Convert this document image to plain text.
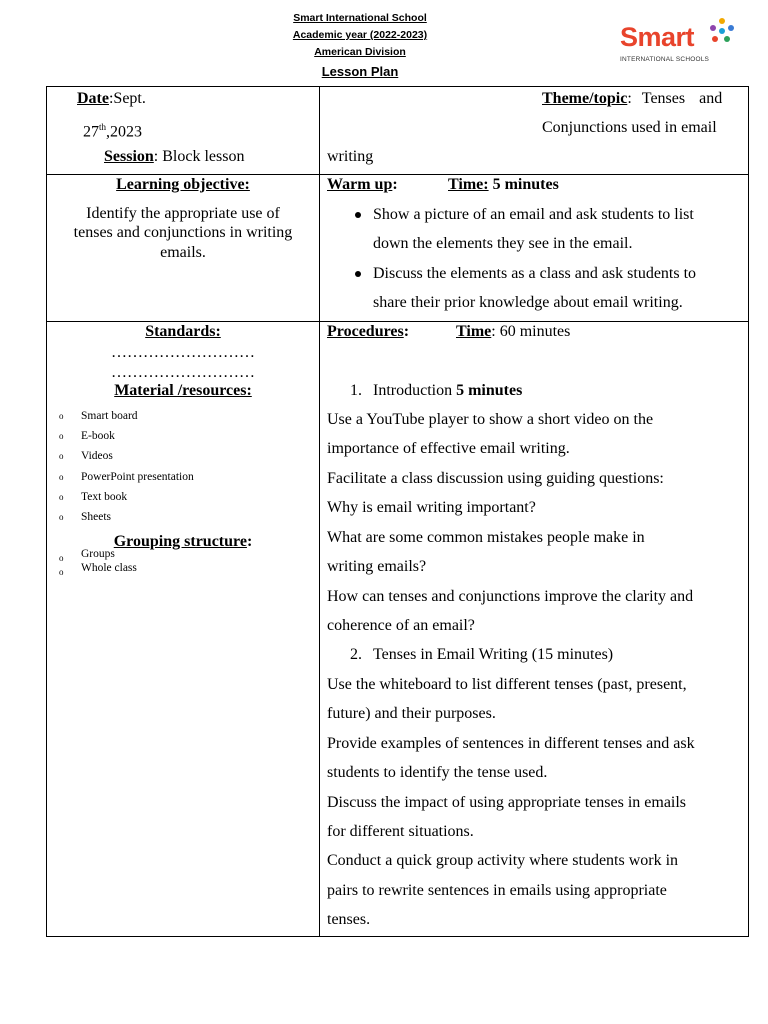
Smart International School
Academic year (2022-2023)
American Division
Lesson Plan
Smart
INTERNATIONAL SCHOOLS
Date:Sept.
27th,2023
Session: Block lesson
Theme/topic: Tenses and
Conjunctions used in email
writing
Learning objective:
Identify the appropriate use of
tenses and conjunctions in writing
emails.
Warm up:	Time: 5 minutes
Show a picture of an email and ask students to list
down the elements they see in the email.
Discuss the elements as a class and ask students to
share their prior knowledge about email writing.
Standards:
………………………
………………………
Material /resources:
o Smart board
o E-book
o Videos
o PowerPoint presentation
o Text book
o Sheets
Grouping structure:
o Groups
o Whole class
Procedures:	Time: 60 minutes
1. Introduction 5 minutes
Use a YouTube player to show a short video on the
importance of effective email writing.
Facilitate a class discussion using guiding questions:
Why is email writing important?
What are some common mistakes people make in
writing emails?
How can tenses and conjunctions improve the clarity and
coherence of an email?
2. Tenses in Email Writing (15 minutes)
Use the whiteboard to list different tenses (past, present,
future) and their purposes.
Provide examples of sentences in different tenses and ask
students to identify the tense used.
Discuss the impact of using appropriate tenses in emails
for different situations.
Conduct a quick group activity where students work in
pairs to rewrite sentences in emails using appropriate
tenses.
